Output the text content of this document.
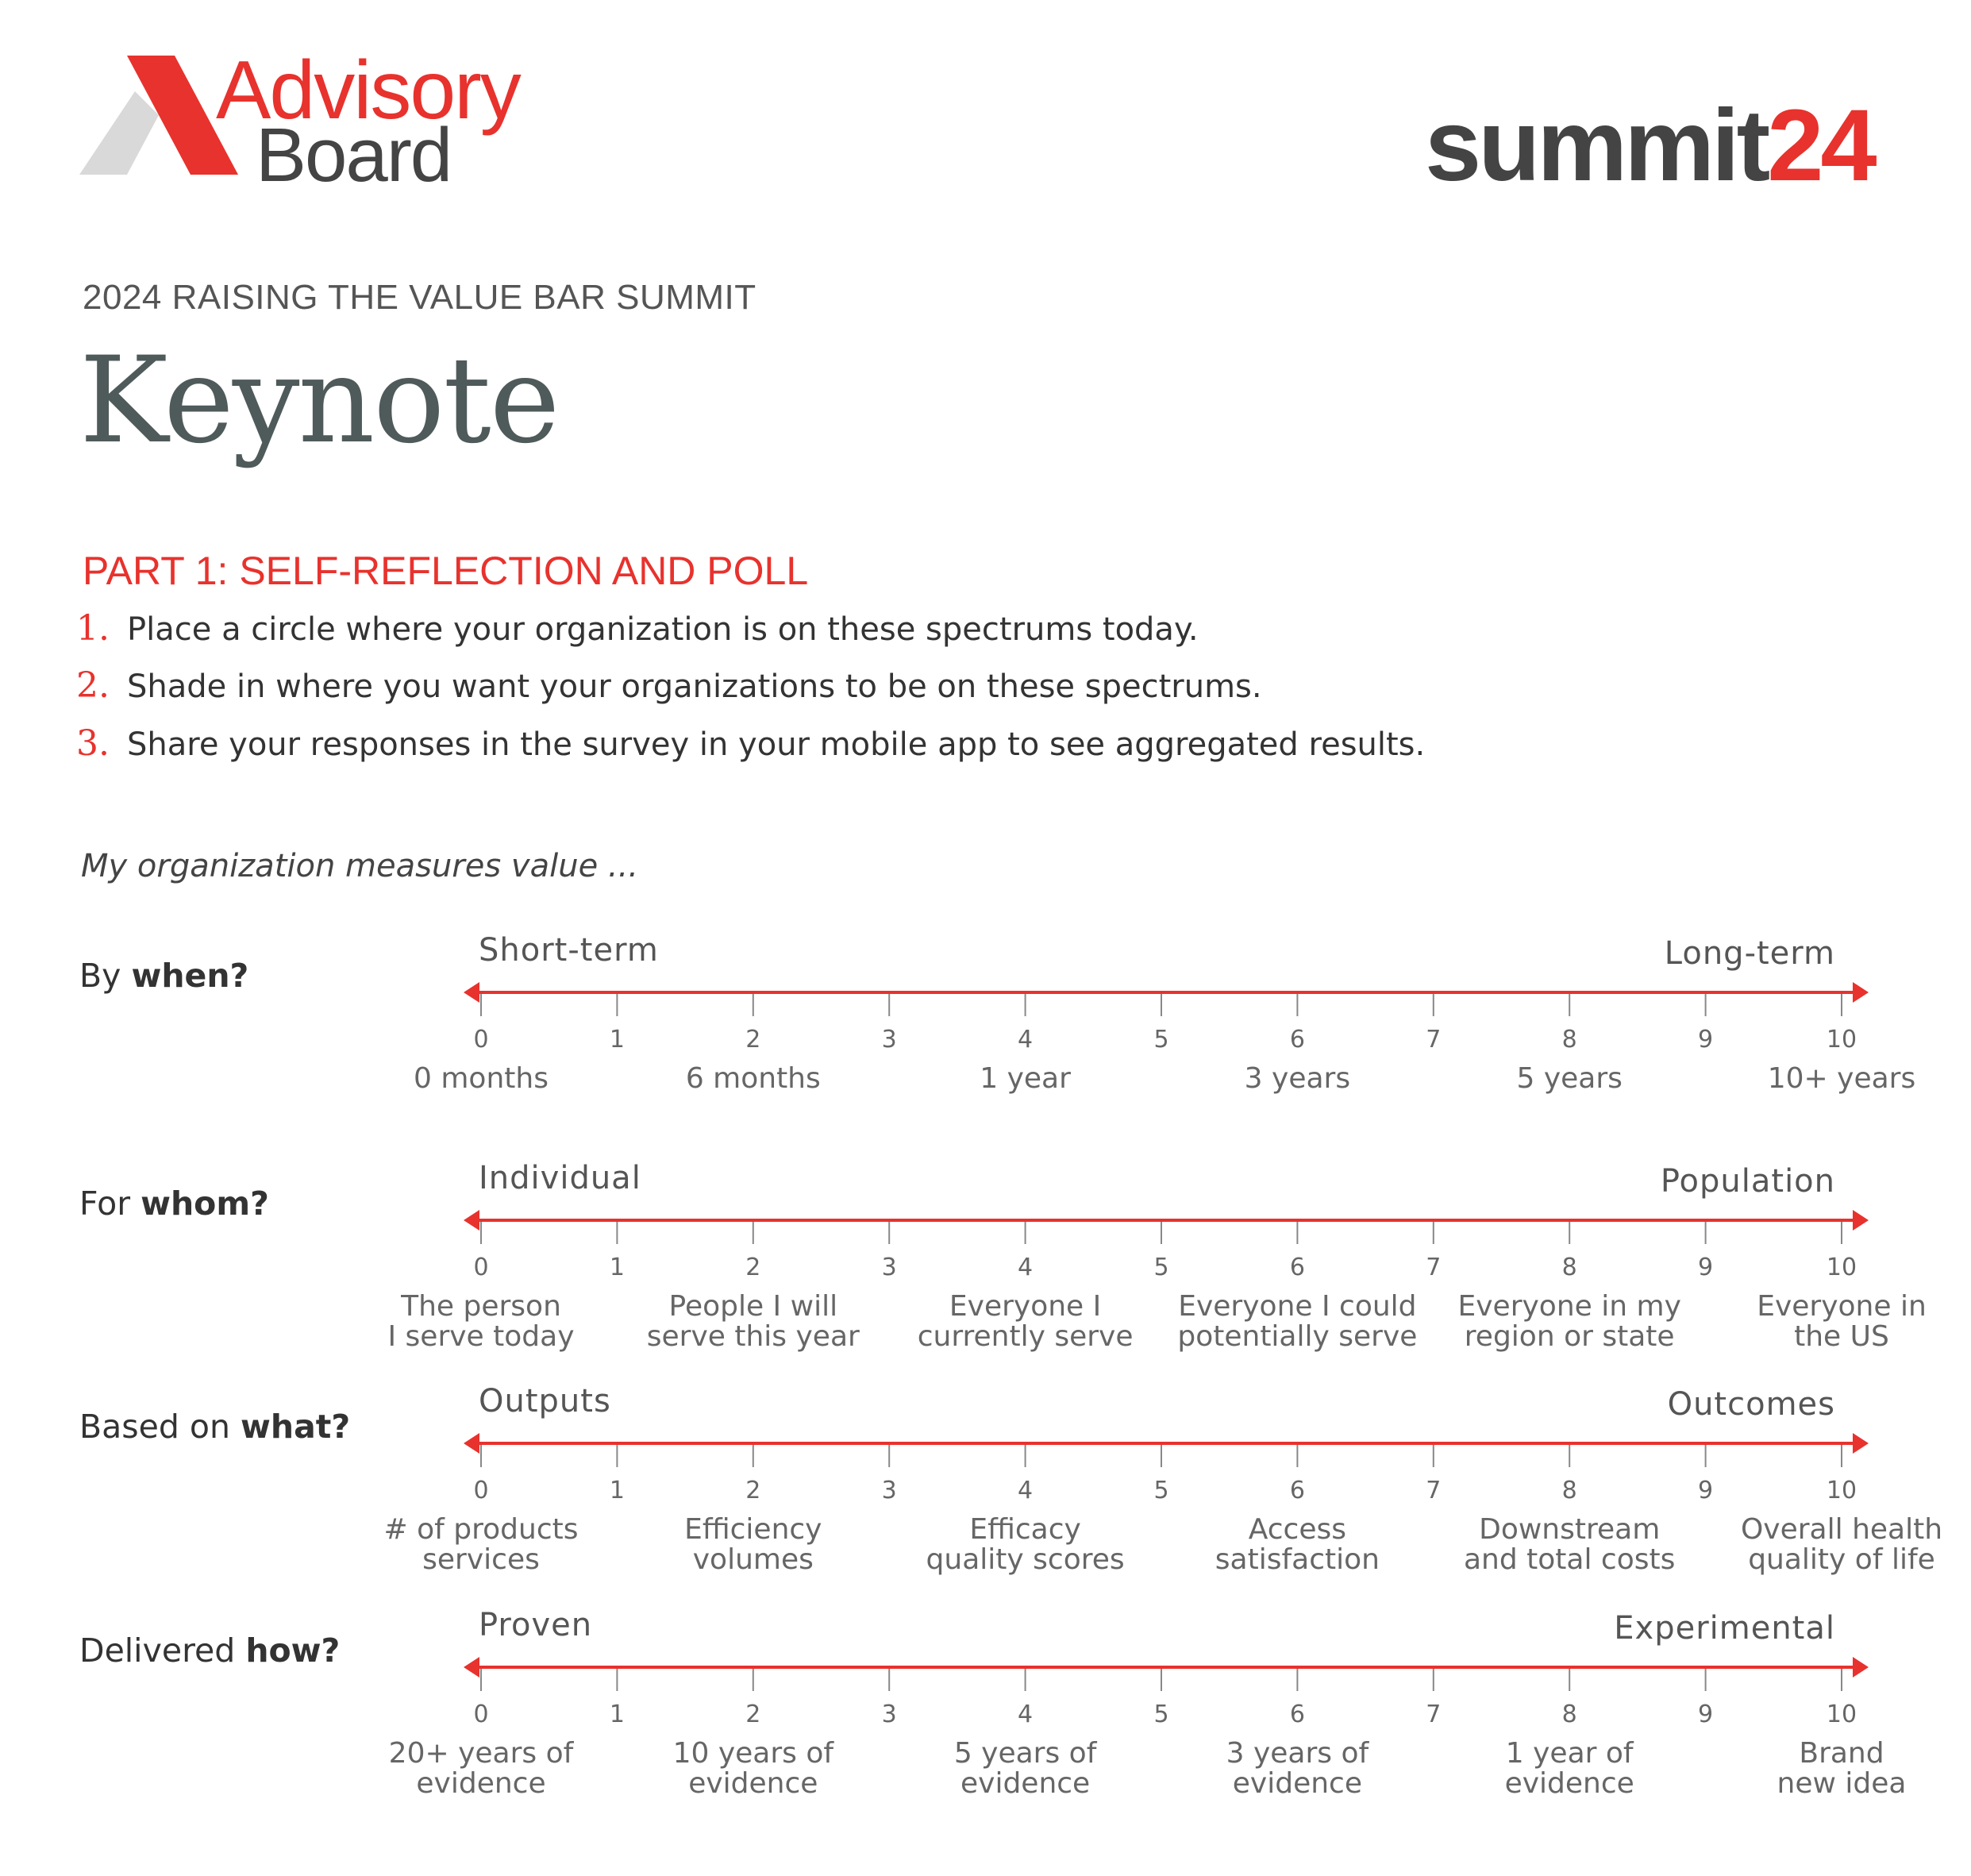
Advisory
Board	summit24
2024 RAISING THE VALUE BAR SUMMIT
Keynote
PART 1: SELF-REFLECTION AND POLL
1. Place a circle where your organization is on these spectrums today.
2. Shade in where you want your organizations to be on these spectrums.
3. Share your responses in the survey in your mobile app to see aggregated results.
My organization measures value ...
By when?
Short-term	Long-term
0	1	2	3	4	5	6	7	8	9	10
0 months	6 months	1 year	3 years	5 years	10+ years
For whom?
Individual	Population
0	1	2	3	4	5	6	7	8	9	10
The person
I serve today
People I will
serve this year
Everyone I
currently serve
Everyone I could
potentially serve
Everyone in my
region or state
Everyone in
the US
Based on what?
Outputs	Outcomes
0	1	2	3	4	5	6	7	8	9	10
# of products
services
Efficiency
volumes
Efficacy
quality scores
Access
satisfaction
Downstream
and total costs
Overall health
quality of life
Delivered how?
Proven	Experimental
0	1	2	3	4	5	6	7	8	9	10
20+ years of
evidence
10 years of
evidence
5 years of
evidence
3 years of
evidence
1 year of
evidence
Brand
new idea
